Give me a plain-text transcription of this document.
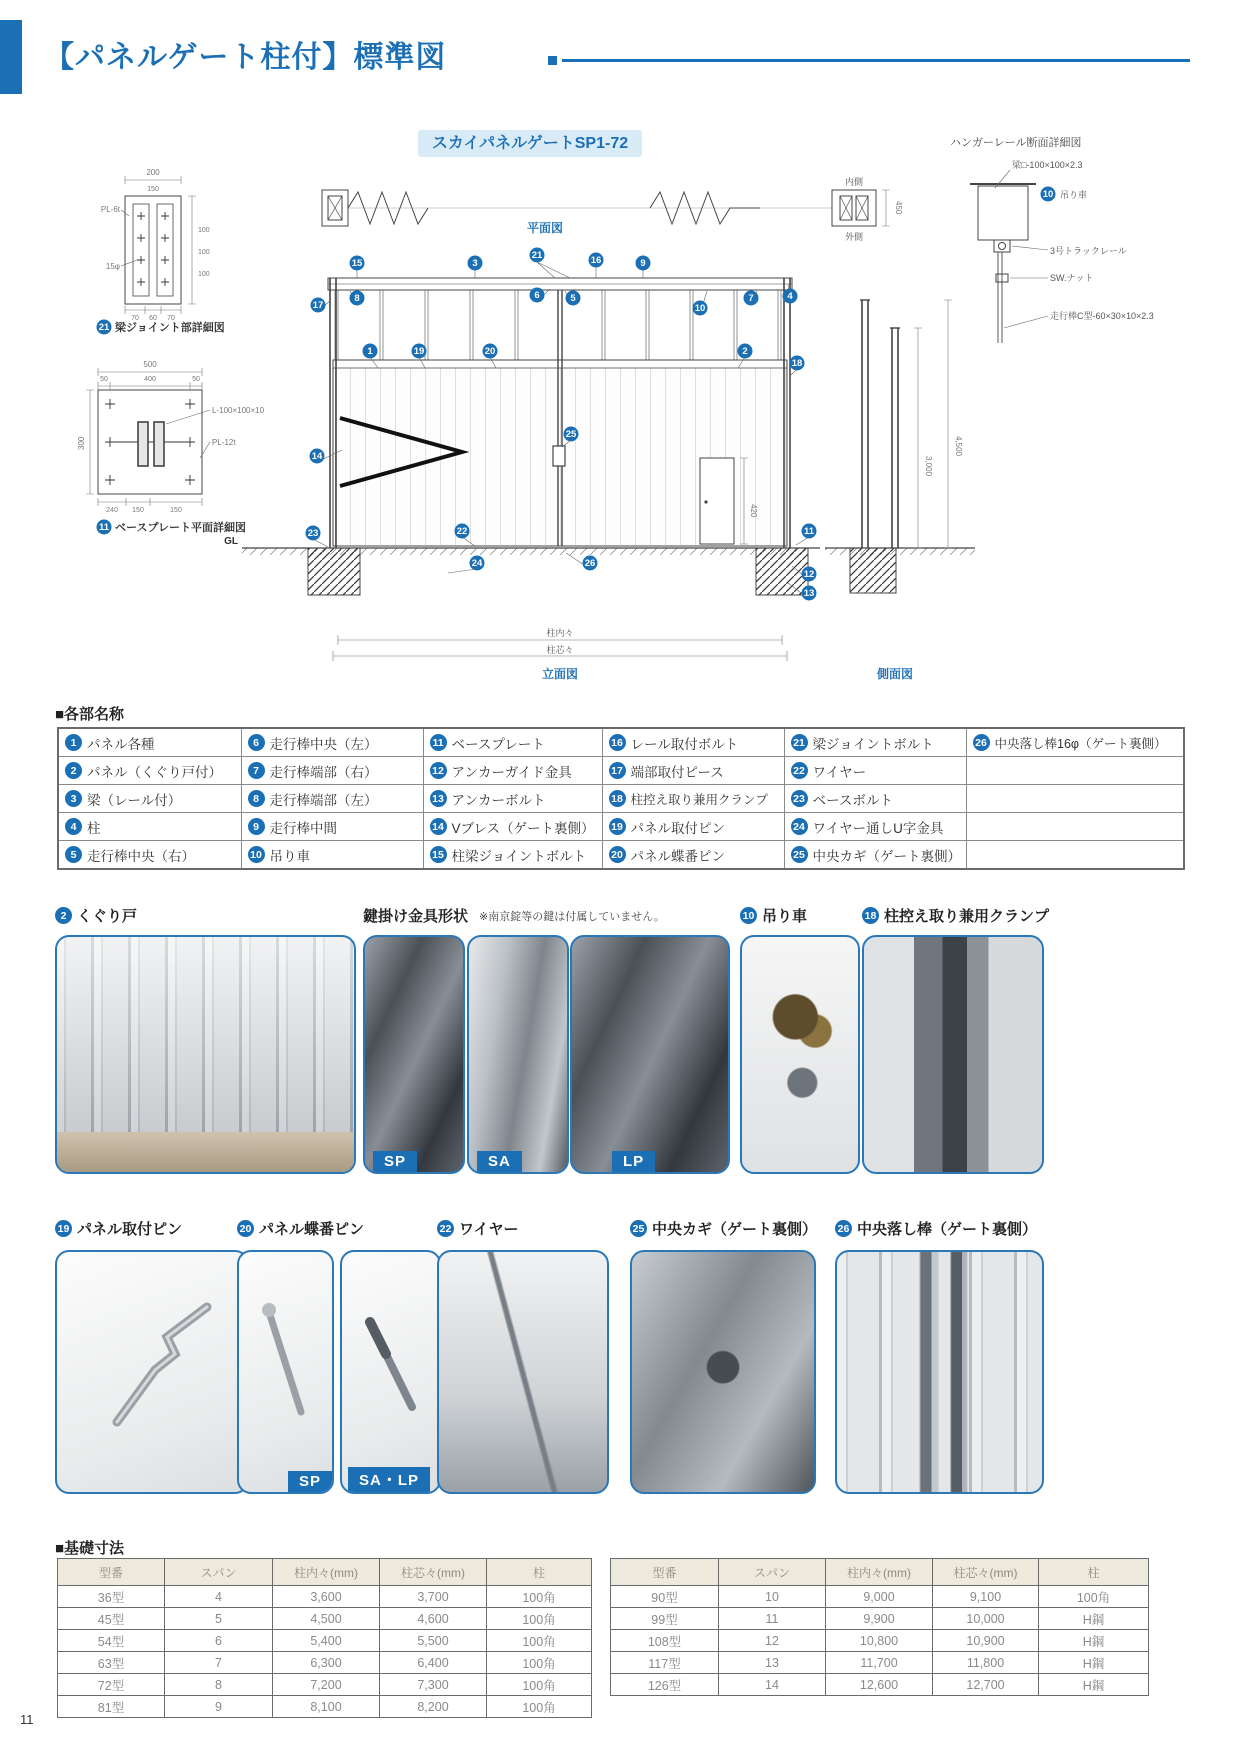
【パネルゲート柱付】標準図
スカイパネルゲートSP1-72
内側
外側
450
平面図
GL
420
柱内々
柱芯々
立面図
3,000
4,500
側面図
ハンガーレール断面詳細図
梁□-100×100×2.3
10 吊り車
3号トラックレール
SW.ナット
走行棒C型-60×30×10×2.3
200
150
PL-6t
15φ
100
100
100
70 60 70
21 梁ジョイント部詳細図
500
50	400	50
300
L-100×100×10
PL-12t
240 150	150
11 ベースプレート平面詳細図
15	3
21	16	9
17
8	6	5
10
7	4
1	19	20	2
18
14
25
23	22
24	26
11
12
13
■各部名称
1 パネル各種	6 走行棒中央（左）	11 ベースプレート	16 レール取付ボルト	21 梁ジョイントボルト	26 中央落し棒16φ（ゲート裏側）

2 パネル（くぐり戸付）	7 走行棒端部（右）	12 アンカーガイド金具	17 端部取付ピース	22 ワイヤー	

3 梁（レール付）	8 走行棒端部（左）	13 アンカーボルト	18 柱控え取り兼用クランプ	23 ベースボルト	

4 柱	9 走行棒中間	14 Vブレス（ゲート裏側）	19 パネル取付ピン	24 ワイヤー通しU字金具	

5 走行棒中央（右）	10 吊り車	15 柱梁ジョイントボルト	20 パネル蝶番ピン	25 中央カギ（ゲート裏側）	

2 くぐり戸	鍵掛け金具形状 ※南京錠等の鍵は付属していません。
SP	SA	LP
10 吊り車	18 柱控え取り兼用クランプ
19 パネル取付ピン	20 パネル蝶番ピン
SP	SA・LP
22 ワイヤー	25 中央カギ（ゲート裏側） 26 中央落し棒（ゲート裏側）
■基礎寸法
型番	スパン	柱内々(mm)	柱芯々(mm)	柱
36型	4	3,600	3,700	100角
45型	5	4,500	4,600	100角
54型	6	5,400	5,500	100角
63型	7	6,300	6,400	100角
72型	8	7,200	7,300	100角
81型	9	8,100	8,200	100角
型番	スパン	柱内々(mm)	柱芯々(mm)	柱
90型	10	9,000	9,100	100角
99型	11	9,900	10,000	H鋼
108型	12	10,800	10,900	H鋼
117型	13	11,700	11,800	H鋼
126型	14	12,600	12,700	H鋼
11
